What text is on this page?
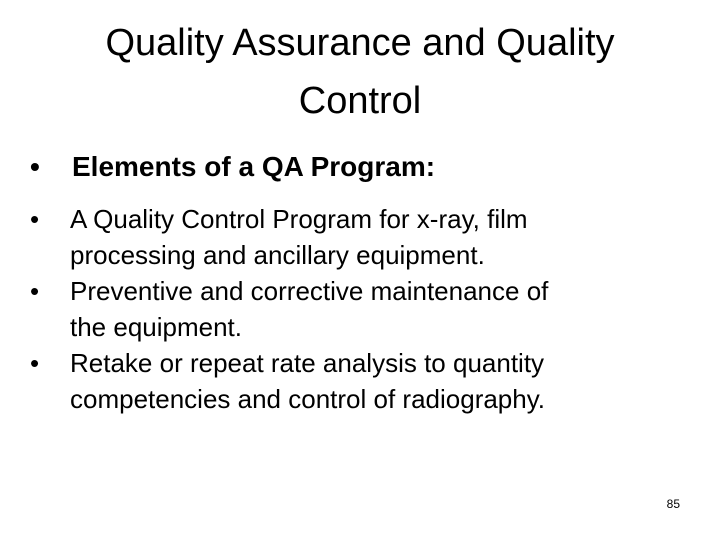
Quality Assurance and Quality
Control
•	Elements of a QA Program:
•	A Quality Control Program for x-ray, film
processing and ancillary equipment.
•	Preventive and corrective maintenance of
the equipment.
•	Retake or repeat rate analysis to quantity
competencies and control of radiography.
85
